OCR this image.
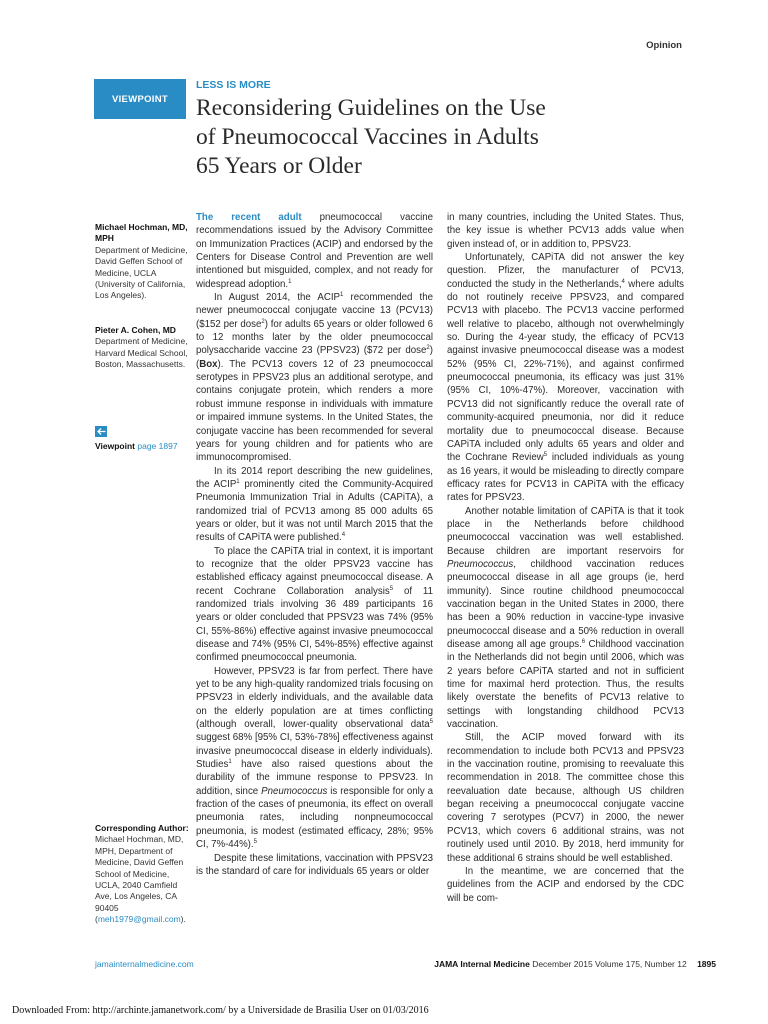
Opinion
VIEWPOINT
LESS IS MORE
Reconsidering Guidelines on the Use
of Pneumococcal Vaccines in Adults
65 Years or Older
Michael Hochman, MD, MPH
Department of Medicine, David Geffen School of Medicine, UCLA (University of California, Los Angeles).
Pieter A. Cohen, MD
Department of Medicine, Harvard Medical School, Boston, Massachusetts.
Viewpoint page 1897
Corresponding Author: Michael Hochman, MD, MPH, Department of Medicine, David Geffen School of Medicine, UCLA, 2040 Camfield Ave, Los Angeles, CA 90405 (meh1979@gmail.com).

The recent adult pneumococcal vaccine recommendations issued by the Advisory Committee on Immunization Practices (ACIP) and endorsed by the Centers for Disease Control and Prevention are well intentioned but misguided, complex, and not ready for widespread adoption.$^1$

In August 2014, the ACIP$^1$ recommended the newer pneumococcal conjugate vaccine 13 (PCV13) ($152 per dose$^2$) for adults 65 years or older followed 6 to 12 months later by the older pneumococcal polysaccharide vaccine 23 (PPSV23) ($72 per dose$^2$) (Box). The PCV13 covers 12 of 23 pneumococcal serotypes in PPSV23 plus an additional serotype, and contains conjugate protein, which renders a more robust immune response in individuals with immature or impaired immune systems. In the United States, the conjugate vaccine has been recommended for several years for young children and for patients who are immunocompromised.

In its 2014 report describing the new guidelines, the ACIP$^1$ prominently cited the Community-Acquired Pneumonia Immunization Trial in Adults (CAPiTA), a randomized trial of PCV13 among 85 000 adults 65 years or older, but it was not until March 2015 that the results of CAPiTA were published.$^4$

To place the CAPiTA trial in context, it is important to recognize that the older PPSV23 vaccine has established efficacy against pneumococcal disease. A recent Cochrane Collaboration analysis$^5$ of 11 randomized trials involving 36 489 participants 16 years or older concluded that PPSV23 was 74% (95% CI, 55%-86%) effective against invasive pneumococcal disease and 74% (95% CI, 54%-85%) effective against confirmed pneumococcal pneumonia.

However, PPSV23 is far from perfect. There have yet to be any high-quality randomized trials focusing on PPSV23 in elderly individuals, and the available data on the elderly population are at times conflicting (although overall, lower-quality observational data$^5$ suggest 68% [95% CI, 53%-78%] effectiveness against invasive pneumococcal disease in elderly individuals). Studies$^1$ have also raised questions about the durability of the immune response to PPSV23. In addition, since Pneumococcus is responsible for only a fraction of the cases of pneumonia, its effect on overall pneumonia rates, including nonpneumococcal pneumonia, is modest (estimated efficacy, 28%; 95% CI, 7%-44%).$^5$

Despite these limitations, vaccination with PPSV23 is the standard of care for individuals 65 years or older

in many countries, including the United States. Thus, the key issue is whether PCV13 adds value when given instead of, or in addition to, PPSV23.

Unfortunately, CAPiTA did not answer the key question. Pfizer, the manufacturer of PCV13, conducted the study in the Netherlands,$^4$ where adults do not routinely receive PPSV23, and compared PCV13 with placebo. The PCV13 vaccine performed well relative to placebo, although not overwhelmingly so. During the 4-year study, the efficacy of PCV13 against invasive pneumococcal disease was a modest 52% (95% CI, 22%-71%), and against confirmed pneumococcal pneumonia, its efficacy was just 31% (95% CI, 10%-47%). Moreover, vaccination with PCV13 did not significantly reduce the overall rate of community-acquired pneumonia, nor did it reduce mortality due to pneumococcal disease. Because CAPiTA included only adults 65 years and older and the Cochrane Review$^5$ included individuals as young as 16 years, it would be misleading to directly compare efficacy rates for PCV13 in CAPiTA with the efficacy rates for PPSV23.

Another notable limitation of CAPiTA is that it took place in the Netherlands before childhood pneumococcal vaccination was well established. Because children are important reservoirs for Pneumococcus, childhood vaccination reduces pneumococcal disease in all age groups (ie, herd immunity). Since routine childhood pneumococcal vaccination began in the United States in 2000, there has been a 90% reduction in vaccine-type invasive pneumococcal disease and a 50% reduction in overall disease among all age groups.$^6$ Childhood vaccination in the Netherlands did not begin until 2006, which was 2 years before CAPiTA started and not in sufficient time for maximal herd protection. Thus, the results likely overstate the benefits of PCV13 relative to settings with longstanding childhood PCV13 vaccination.

Still, the ACIP moved forward with its recommendation to include both PCV13 and PPSV23 in the vaccination routine, promising to reevaluate this recommendation in 2018. The committee chose this reevaluation date because, although US children began receiving a pneumococcal conjugate vaccine covering 7 serotypes (PCV7) in 2000, the newer PCV13, which covers 6 additional strains, was not routinely used until 2010. By 2018, herd immunity for these additional 6 strains should be well established.

In the meantime, we are concerned that the guidelines from the ACIP and endorsed by the CDC will be com-

jamainternalmedicine.com	JAMA Internal Medicine December 2015 Volume 175, Number 12 1895
Downloaded From: http://archinte.jamanetwork.com/ by a Universidade de Brasilia User on 01/03/2016
